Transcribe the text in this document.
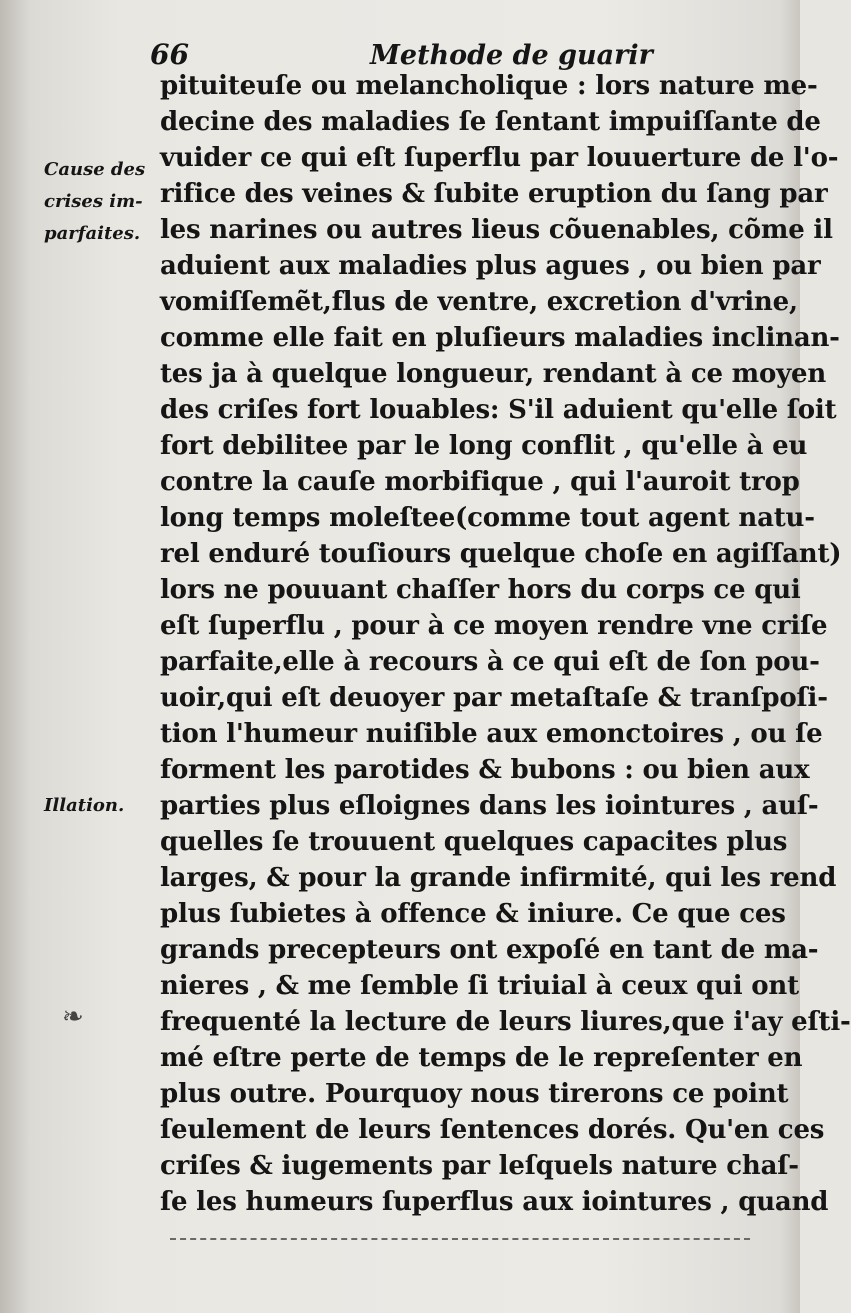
66	Methode de guarir
Cause des
crises im-
parfaites.
Illation.
❧
pituiteuſe ou melancholique : lors nature me-
decine des maladies ſe ſentant impuiſſante de
vuider ce qui eſt ſuperflu par louuerture de l'o-
rifice des veines & ſubite eruption du ſang par
les narines ou autres lieus cõuenables, cõme il
aduient aux maladies plus agues , ou bien par
vomiſſemẽt,flus de ventre, excretion d'vrine,
comme elle fait en pluſieurs maladies inclinan-
tes ja à quelque longueur, rendant à ce moyen
des criſes fort louables: S'il aduient qu'elle ſoit
fort debilitee par le long conflit , qu'elle à eu
contre la cauſe morbifique , qui l'auroit trop
long temps moleſtee(comme tout agent natu-
rel enduré touſiours quelque choſe en agiſſant)
lors ne pouuant chaſſer hors du corps ce qui
eſt ſuperflu , pour à ce moyen rendre vne criſe
parfaite,elle à recours à ce qui eſt de ſon pou-
uoir,qui eſt deuoyer par metaſtaſe & tranſpoſi-
tion l'humeur nuiſible aux emonctoires , ou ſe
forment les parotides & bubons : ou bien aux
parties plus eſloignes dans les iointures , auſ-
quelles ſe trouuent quelques capacites plus
larges, & pour la grande infirmité, qui les rend
plus ſubietes à offence & iniure. Ce que ces
grands precepteurs ont expoſé en tant de ma-
nieres , & me ſemble ſi triuial à ceux qui ont
frequenté la lecture de leurs liures,que i'ay eſti-
mé eſtre perte de temps de le repreſenter en
plus outre. Pourquoy nous tirerons ce point
ſeulement de leurs ſentences dorés. Qu'en ces
criſes & iugements par leſquels nature chaſ-
ſe les humeurs ſuperflus aux iointures , quand
